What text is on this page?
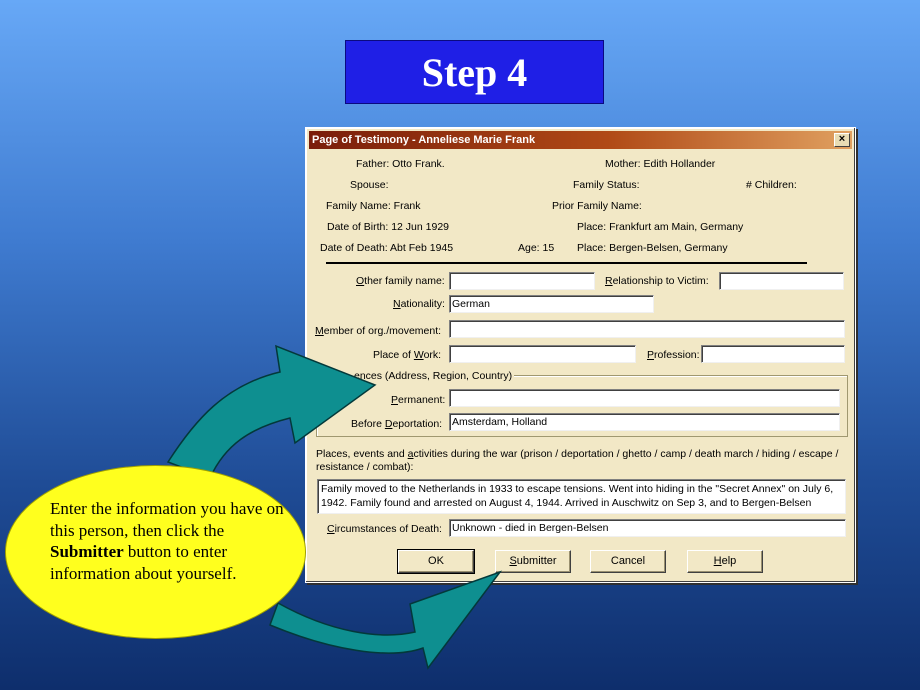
Step 4
Page of Testimony - Anneliese Marie Frank	×
Father: Otto Frank.	Mother: Edith Hollander
Spouse:	Family Status:	# Children:
Family Name: Frank	Prior Family Name:
Date of Birth: 12 Jun 1929	Place: Frankfurt am Main, Germany
Date of Death: Abt Feb 1945	Age: 15 Place: Bergen-Belsen, Germany
Other family name:	Relationship to Victim:
Nationality: German
Member of org./movement:
Place of Work:	Profession:
ences (Address, Region, Country)
Permanent:
Before Deportation: Amsterdam, Holland
Places, events and activities during the war (prison / deportation / ghetto / camp / death march / hiding / escape / resistance / combat):
Family moved to the Netherlands in 1933 to escape tensions. Went into hiding in the "Secret Annex" on July 6, 1942. Family found and arrested on August 4, 1944. Arrived in Auschwitz on Sep 3, and to Bergen-Belsen
Circumstances of Death: Unknown - died in Bergen-Belsen
OK	Submitter	Cancel	Help
Enter the information you have on this person, then click the Submitter button to enter information about yourself.
